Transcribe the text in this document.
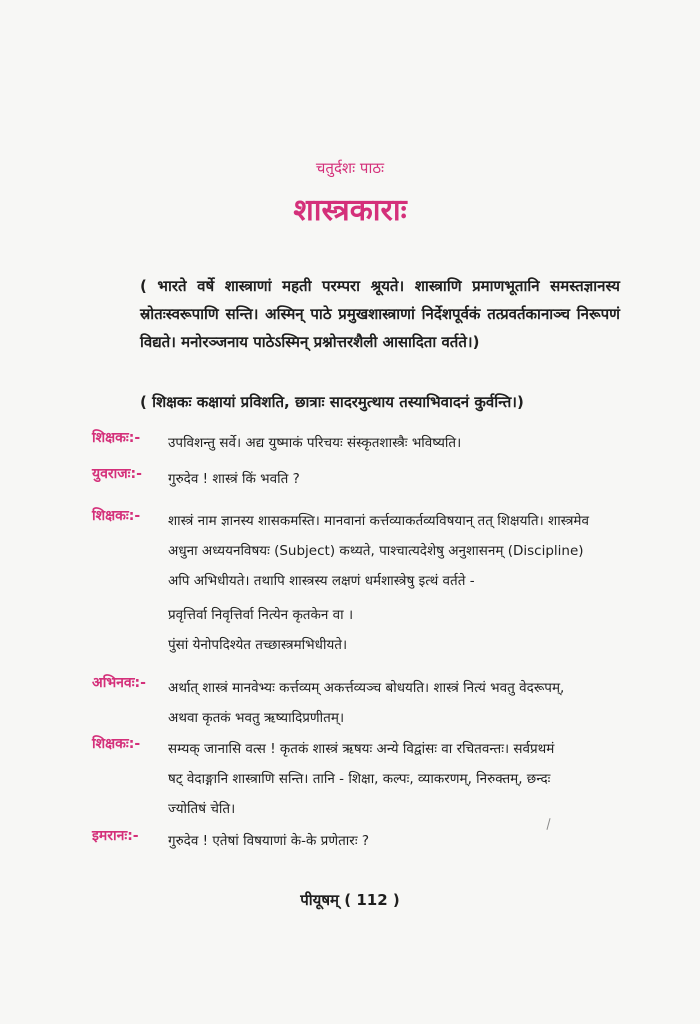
चतुर्दशः पाठः
शास्त्रकाराः
( भारते वर्षे शास्त्राणां महती परम्परा श्रूयते। शास्त्राणि प्रमाणभूतानि समस्तज्ञानस्य स्रोतःस्वरूपाणि सन्ति। अस्मिन् पाठे प्रमुखशास्त्राणां निर्देशपूर्वकं तत्प्रवर्तकानाञ्च निरूपणं विद्यते। मनोरञ्जनाय पाठेऽस्मिन् प्रश्नोत्तरशैली आसादिता वर्तते।)
( शिक्षकः कक्षायां प्रविशति, छात्राः सादरमुत्थाय तस्याभिवादनं कुर्वन्ति।)
शिक्षकः:- उपविशन्तु सर्वे। अद्य युष्माकं परिचयः संस्कृतशास्त्रैः भविष्यति।
युवराजः:- गुरुदेव ! शास्त्रं किं भवति ?
शिक्षकः:- शास्त्रं नाम ज्ञानस्य शासकमस्ति। मानवानां कर्त्तव्याकर्तव्यविषयान् तत् शिक्षयति। शास्त्रमेव
अधुना अध्ययनविषयः (Subject) कथ्यते, पाश्चात्यदेशेषु अनुशासनम् (Discipline)
अपि अभिधीयते। तथापि शास्त्रस्य लक्षणं धर्मशास्त्रेषु इत्थं वर्तते -
प्रवृत्तिर्वा निवृत्तिर्वा नित्येन कृतकेन वा ।
पुंसां येनोपदिश्येत तच्छास्त्रमभिधीयते।
अभिनवः:- अर्थात् शास्त्रं मानवेभ्यः कर्त्तव्यम् अकर्त्तव्यञ्च बोधयति। शास्त्रं नित्यं भवतु वेदरूपम्,
अथवा कृतकं भवतु ऋष्यादिप्रणीतम्।
शिक्षकः:- सम्यक् जानासि वत्स ! कृतकं शास्त्रं ऋषयः अन्ये विद्वांसः वा रचितवन्तः। सर्वप्रथमं
षट् वेदाङ्गानि शास्त्राणि सन्ति। तानि - शिक्षा, कल्पः, व्याकरणम्, निरुक्तम्, छन्दः
ज्योतिषं चेति।
इमरानः:- गुरुदेव ! एतेषां विषयाणां के-के प्रणेतारः ?
पीयूषम् ( 112 )
